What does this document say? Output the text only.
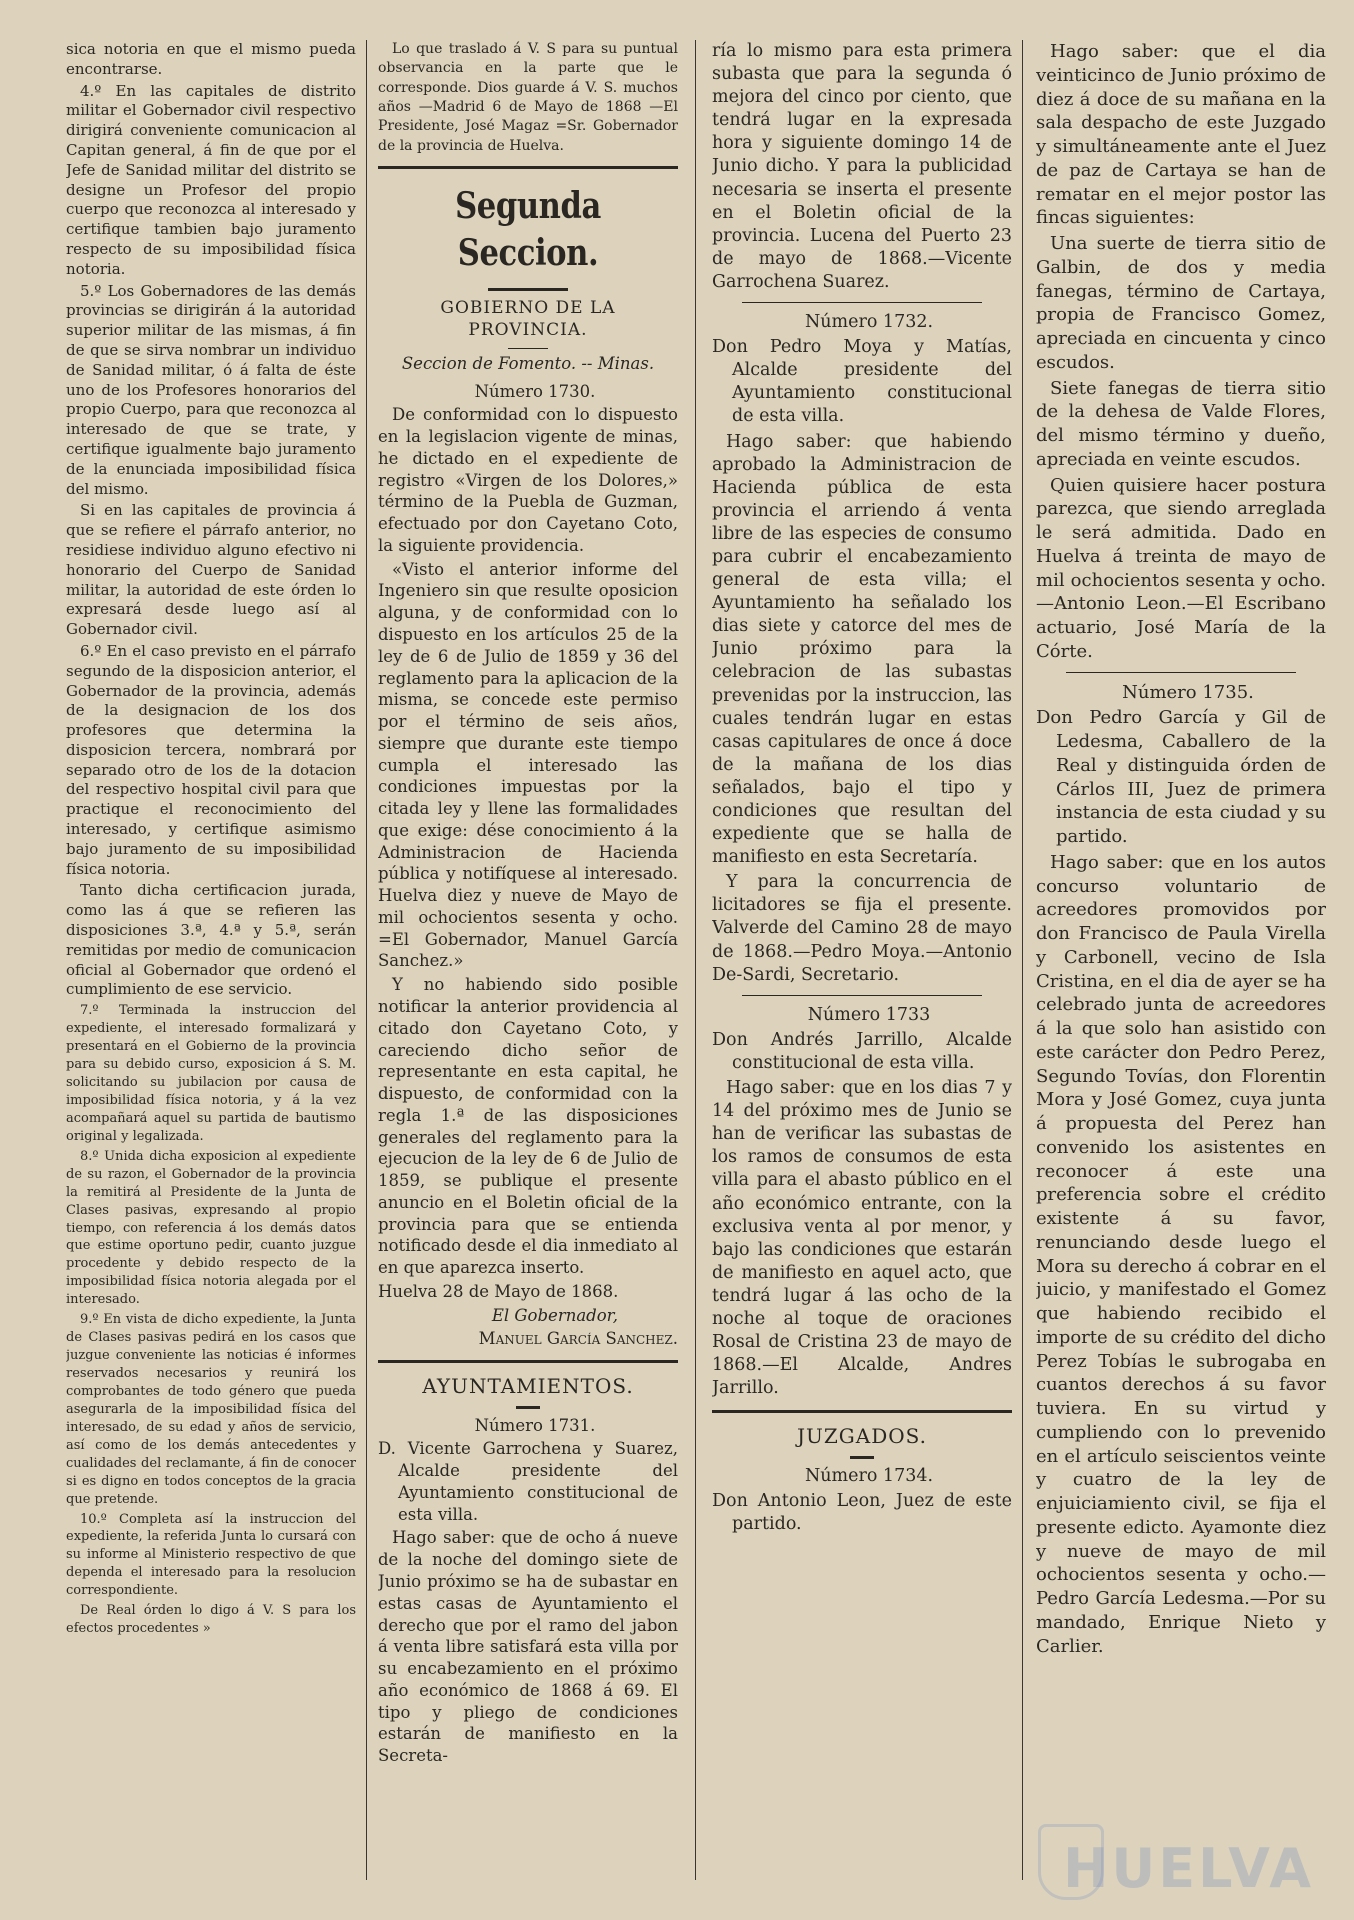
sica notoria en que el mismo pueda encontrarse.

4.º En las capitales de distrito militar el Gobernador civil respectivo dirigirá conveniente comunicacion al Capitan general, á fin de que por el Jefe de Sanidad militar del distrito se designe un Profesor del propio cuerpo que reconozca al interesado y certifique tambien bajo juramento respecto de su imposibilidad física notoria.

5.º Los Gobernadores de las demás provincias se dirigirán á la autoridad superior militar de las mismas, á fin de que se sirva nombrar un individuo de Sanidad militar, ó á falta de éste uno de los Profesores honorarios del propio Cuerpo, para que reconozca al interesado de que se trate, y certifique igualmente bajo juramento de la enunciada imposibilidad física del mismo.

Si en las capitales de provincia á que se refiere el párrafo anterior, no residiese individuo alguno efectivo ni honorario del Cuerpo de Sanidad militar, la autoridad de este órden lo expresará desde luego así al Gobernador civil.

6.º En el caso previsto en el párrafo segundo de la disposicion anterior, el Gobernador de la provincia, además de la designacion de los dos profesores que determina la disposicion tercera, nombrará por separado otro de los de la dotacion del respectivo hospital civil para que practique el reconocimiento del interesado, y certifique asimismo bajo juramento de su imposibilidad física notoria.

Tanto dicha certificacion jurada, como las á que se refieren las disposiciones 3.ª, 4.ª y 5.ª, serán remitidas por medio de comunicacion oficial al Gobernador que ordenó el cumplimiento de ese servicio.

7.º Terminada la instruccion del expediente, el interesado formalizará y presentará en el Gobierno de la provincia para su debido curso, exposicion á S. M. solicitando su jubilacion por causa de imposibilidad física notoria, y á la vez acompañará aquel su partida de bautismo original y legalizada.

8.º Unida dicha exposicion al expediente de su razon, el Gobernador de la provincia la remitirá al Presidente de la Junta de Clases pasivas, expresando al propio tiempo, con referencia á los demás datos que estime oportuno pedir, cuanto juzgue procedente y debido respecto de la imposibilidad física notoria alegada por el interesado.

9.º En vista de dicho expediente, la Junta de Clases pasivas pedirá en los casos que juzgue conveniente las noticias é informes reservados necesarios y reunirá los comprobantes de todo género que pueda asegurarla de la imposibilidad física del interesado, de su edad y años de servicio, así como de los demás antecedentes y cualidades del reclamante, á fin de conocer si es digno en todos conceptos de la gracia que pretende.

10.º Completa así la instruccion del expediente, la referida Junta lo cursará con su informe al Ministerio respectivo de que dependa el interesado para la resolucion correspondiente.

De Real órden lo digo á V. S para los efectos procedentes »

Lo que traslado á V. S para su puntual observancia en la parte que le corresponde. Dios guarde á V. S. muchos años —Madrid 6 de Mayo de 1868 —El Presidente, José Magaz =Sr. Gobernador de la provincia de Huelva.

Segunda Seccion.
GOBIERNO DE LA PROVINCIA.

Seccion de Fomento. -- Minas.

Número 1730.

De conformidad con lo dispuesto en la legislacion vigente de minas, he dictado en el expediente de registro «Virgen de los Dolores,» término de la Puebla de Guzman, efectuado por don Cayetano Coto, la siguiente providencia.

«Visto el anterior informe del Ingeniero sin que resulte oposicion alguna, y de conformidad con lo dispuesto en los artículos 25 de la ley de 6 de Julio de 1859 y 36 del reglamento para la aplicacion de la misma, se concede este permiso por el término de seis años, siempre que durante este tiempo cumpla el interesado las condiciones impuestas por la citada ley y llene las formalidades que exige: dése conocimiento á la Administracion de Hacienda pública y notifíquese al interesado. Huelva diez y nueve de Mayo de mil ochocientos sesenta y ocho. =El Gobernador, Manuel García Sanchez.»

Y no habiendo sido posible notificar la anterior providencia al citado don Cayetano Coto, y careciendo dicho señor de representante en esta capital, he dispuesto, de conformidad con la regla 1.ª de las disposiciones generales del reglamento para la ejecucion de la ley de 6 de Julio de 1859, se publique el presente anuncio en el Boletin oficial de la provincia para que se entienda notificado desde el dia inmediato al en que aparezca inserto.

Huelva 28 de Mayo de 1868.

El Gobernador,

Manuel García Sanchez.

AYUNTAMIENTOS.

Número 1731.

D. Vicente Garrochena y Suarez, Alcalde presidente del Ayuntamiento constitucional de esta villa.

Hago saber: que de ocho á nueve de la noche del domingo siete de Junio próximo se ha de subastar en estas casas de Ayuntamiento el derecho que por el ramo del jabon á venta libre satisfará esta villa por su encabezamiento en el próximo año económico de 1868 á 69. El tipo y pliego de condiciones estarán de manifiesto en la Secreta-

ría lo mismo para esta primera subasta que para la segunda ó mejora del cinco por ciento, que tendrá lugar en la expresada hora y siguiente domingo 14 de Junio dicho. Y para la publicidad necesaria se inserta el presente en el Boletin oficial de la provincia. Lucena del Puerto 23 de mayo de 1868.—Vicente Garrochena Suarez.

Número 1732.

Don Pedro Moya y Matías, Alcalde presidente del Ayuntamiento constitucional de esta villa.

Hago saber: que habiendo aprobado la Administracion de Hacienda pública de esta provincia el arriendo á venta libre de las especies de consumo para cubrir el encabezamiento general de esta villa; el Ayuntamiento ha señalado los dias siete y catorce del mes de Junio próximo para la celebracion de las subastas prevenidas por la instruccion, las cuales tendrán lugar en estas casas capitulares de once á doce de la mañana de los dias señalados, bajo el tipo y condiciones que resultan del expediente que se halla de manifiesto en esta Secretaría.

Y para la concurrencia de licitadores se fija el presente. Valverde del Camino 28 de mayo de 1868.—Pedro Moya.—Antonio De-Sardi, Secretario.

Número 1733

Don Andrés Jarrillo, Alcalde constitucional de esta villa.

Hago saber: que en los dias 7 y 14 del próximo mes de Junio se han de verificar las subastas de los ramos de consumos de esta villa para el abasto público en el año económico entrante, con la exclusiva venta al por menor, y bajo las condiciones que estarán de manifiesto en aquel acto, que tendrá lugar á las ocho de la noche al toque de oraciones Rosal de Cristina 23 de mayo de 1868.—El Alcalde, Andres Jarrillo.

JUZGADOS.

Número 1734.

Don Antonio Leon, Juez de este partido.

Hago saber: que el dia veinticinco de Junio próximo de diez á doce de su mañana en la sala despacho de este Juzgado y simultáneamente ante el Juez de paz de Cartaya se han de rematar en el mejor postor las fincas siguientes:

Una suerte de tierra sitio de Galbin, de dos y media fanegas, término de Cartaya, propia de Francisco Gomez, apreciada en cincuenta y cinco escudos.

Siete fanegas de tierra sitio de la dehesa de Valde Flores, del mismo término y dueño, apreciada en veinte escudos.

Quien quisiere hacer postura parezca, que siendo arreglada le será admitida. Dado en Huelva á treinta de mayo de mil ochocientos sesenta y ocho.—Antonio Leon.—El Escribano actuario, José María de la Córte.

Número 1735.

Don Pedro García y Gil de Ledesma, Caballero de la Real y distinguida órden de Cárlos III, Juez de primera instancia de esta ciudad y su partido.

Hago saber: que en los autos concurso voluntario de acreedores promovidos por don Francisco de Paula Virella y Carbonell, vecino de Isla Cristina, en el dia de ayer se ha celebrado junta de acreedores á la que solo han asistido con este carácter don Pedro Perez, Segundo Tovías, don Florentin Mora y José Gomez, cuya junta á propuesta del Perez han convenido los asistentes en reconocer á este una preferencia sobre el crédito existente á su favor, renunciando desde luego el Mora su derecho á cobrar en el juicio, y manifestado el Gomez que habiendo recibido el importe de su crédito del dicho Perez Tobías le subrogaba en cuantos derechos á su favor tuviera. En su virtud y cumpliendo con lo prevenido en el artículo seiscientos veinte y cuatro de la ley de enjuiciamiento civil, se fija el presente edicto. Ayamonte diez y nueve de mayo de mil ochocientos sesenta y ocho.—Pedro García Ledesma.—Por su mandado, Enrique Nieto y Carlier.

HUELVA
